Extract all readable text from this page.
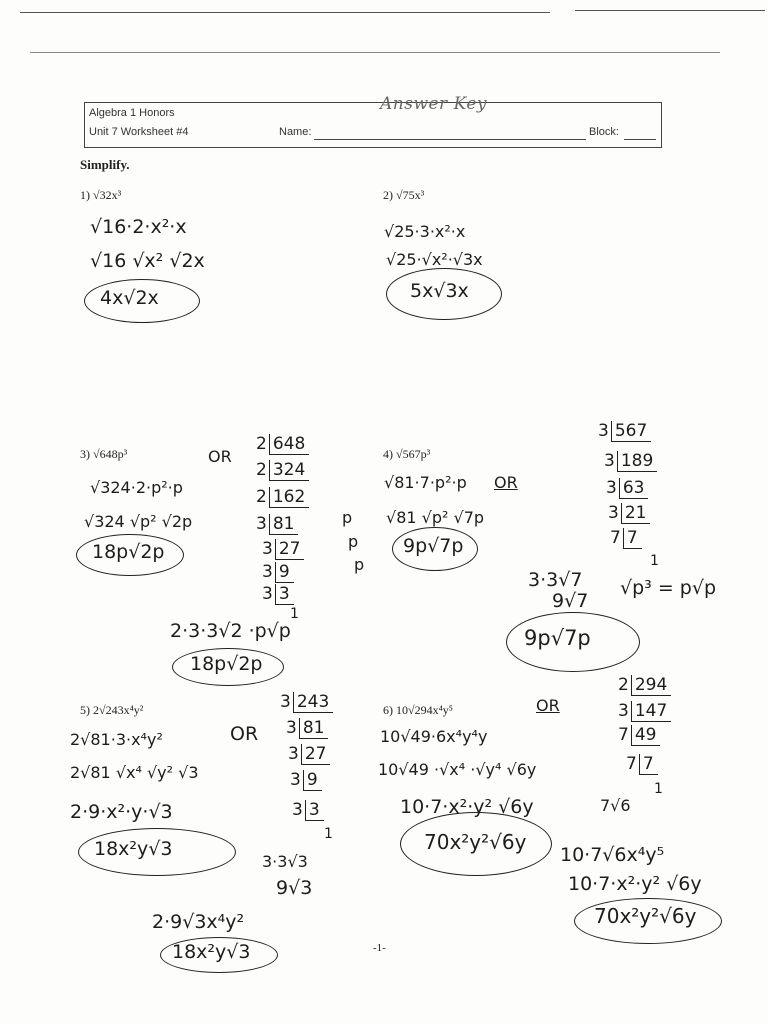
Algebra 1 Honors
Unit 7 Worksheet #4	Name:	Block:
Answer Key
Simplify.
1) √32x³
√16·2·x²·x
√16 √x² √2x
4x√2x
2) √75x³
√25·3·x²·x
√25·√x²·√3x
5x√3x
3) √648p³
√324·2·p²·p
√324 √p² √2p
18p√2p
OR
2 648
2 324
2 162
3 81
3 27
3 9
3 3
1
p
p
p
2·3·3√2 ·p√p
18p√2p
4) √567p³
√81·7·p²·p OR
√81 √p² √7p
9p√7p
3 567
3 189
3 63
3 21
7 7
1
3·3√7
9√7
√p³ = p√p
9p√7p
5) 2√243x⁴y²
2√81·3·x⁴y²
2√81 √x⁴ √y² √3
2·9·x²·y·√3
18x²y√3
OR
3 243
3 81
3 27
3 9
3 3
1
3·3√3
9√3
2·9√3x⁴y²
18x²y√3
6) 10√294x⁴y⁵	OR
10√49·6x⁴y⁴y
10√49 ·√x⁴ ·√y⁴ √6y
10·7·x²·y² √6y
70x²y²√6y
2 294
3 147
7 49
7 7
1
7√6
10·7√6x⁴y⁵
10·7·x²·y² √6y
70x²y²√6y
-1-
